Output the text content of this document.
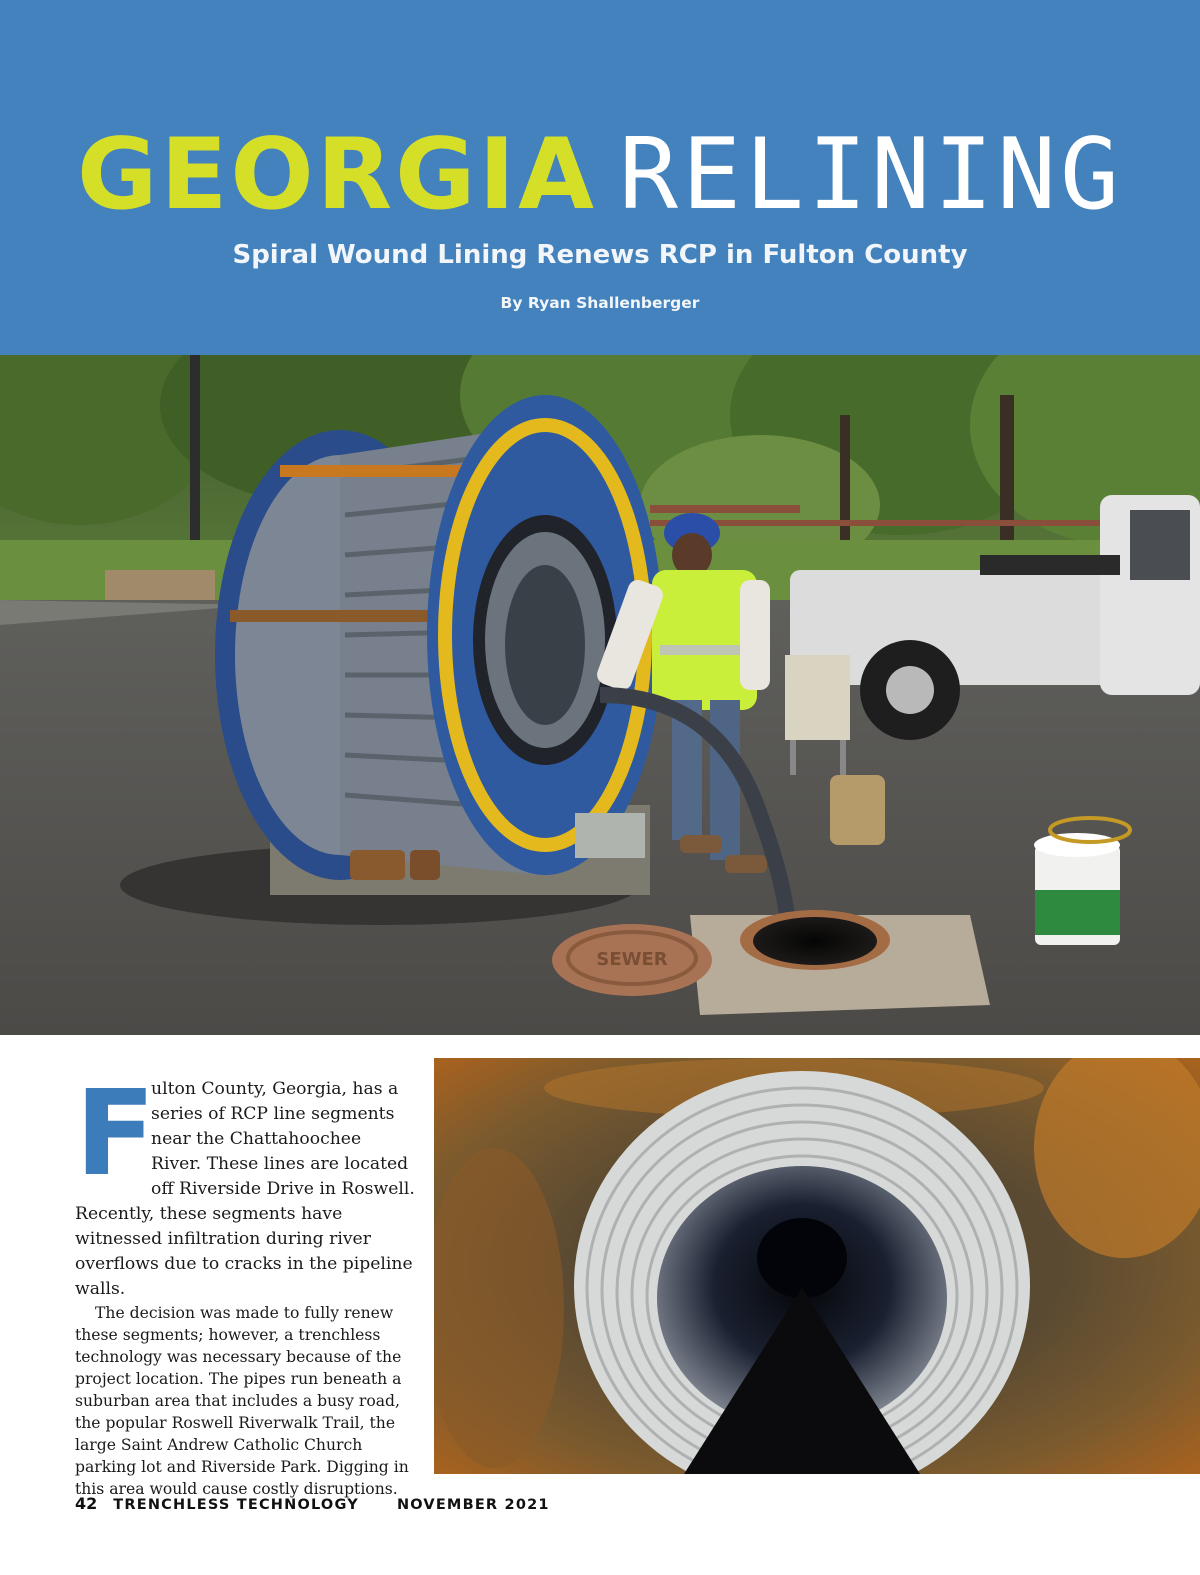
GEORGIA RELINING
Spiral Wound Lining Renews RCP in Fulton County
By Ryan Shallenberger
SEWER
F

ulton County, Georgia, has a series of RCP line segments near the Chattahoochee River. These lines are located off Riverside Drive in Roswell. Recently, these segments have witnessed infiltration during river overflows due to cracks in the pipeline walls.

The decision was made to fully renew these segments; however, a trenchless technology was necessary because of the project location. The pipes run beneath a suburban area that includes a busy road, the popular Roswell Riverwalk Trail, the large Saint Andrew Catholic Church parking lot and Riverside Park. Digging in this area would cause costly disruptions.

42 TRENCHLESS TECHNOLOGY	NOVEMBER 2021
